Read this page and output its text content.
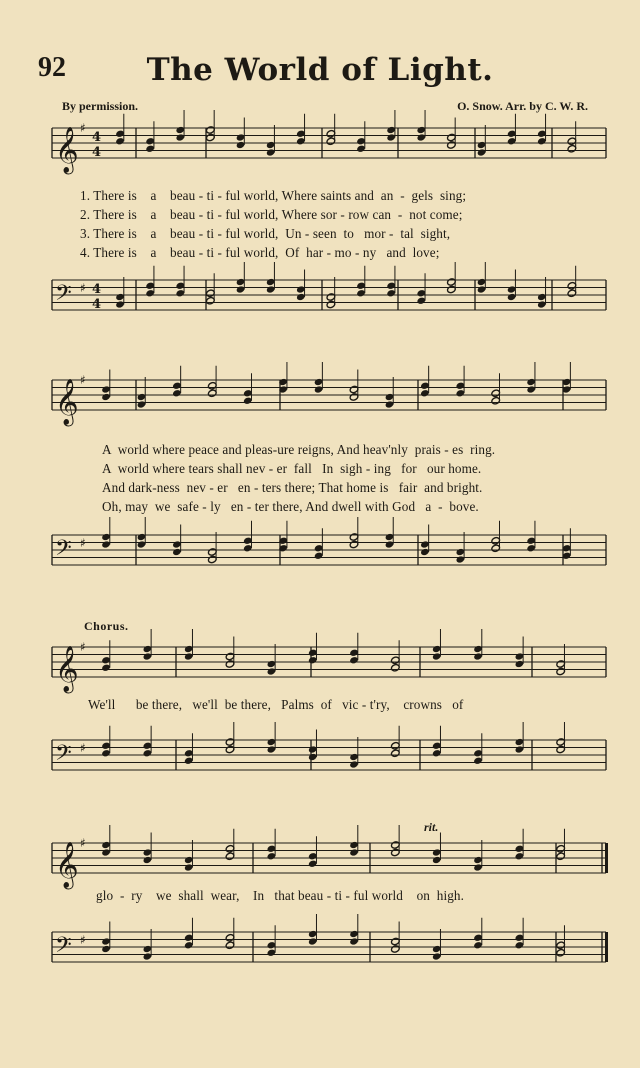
92	The World of Light.
By permission.	O. Snow. Arr. by C. W. R.
𝄞 ♯
4
4
1. There is    a    beau - ti - ful world, Where saints and  an  -  gels  sing;
2. There is    a    beau - ti - ful world, Where sor - row can  -  not come;
3. There is    a    beau - ti - ful world,  Un - seen  to   mor -  tal  sight,
4. There is    a    beau - ti - ful world,  Of  har - mo - ny   and  love;
𝄢 ♯ 4
4
𝄞 ♯
A  world where peace and pleas-ure reigns, And heav'nly  prais - es  ring.
A  world where tears shall nev - er  fall   In  sigh - ing   for   our home.
And dark-ness  nev - er   en - ters there; That home is   fair  and bright.
Oh, may  we  safe - ly   en - ter there, And dwell with God   a  -  bove.
𝄢 ♯
Chorus.
𝄞 ♯
We'll      be there,   we'll  be there,   Palms  of   vic - t'ry,    crowns   of
𝄢 ♯
rit.
𝄞 ♯
glo  -  ry    we  shall  wear,    In   that beau - ti - ful world    on  high.
𝄢 ♯
